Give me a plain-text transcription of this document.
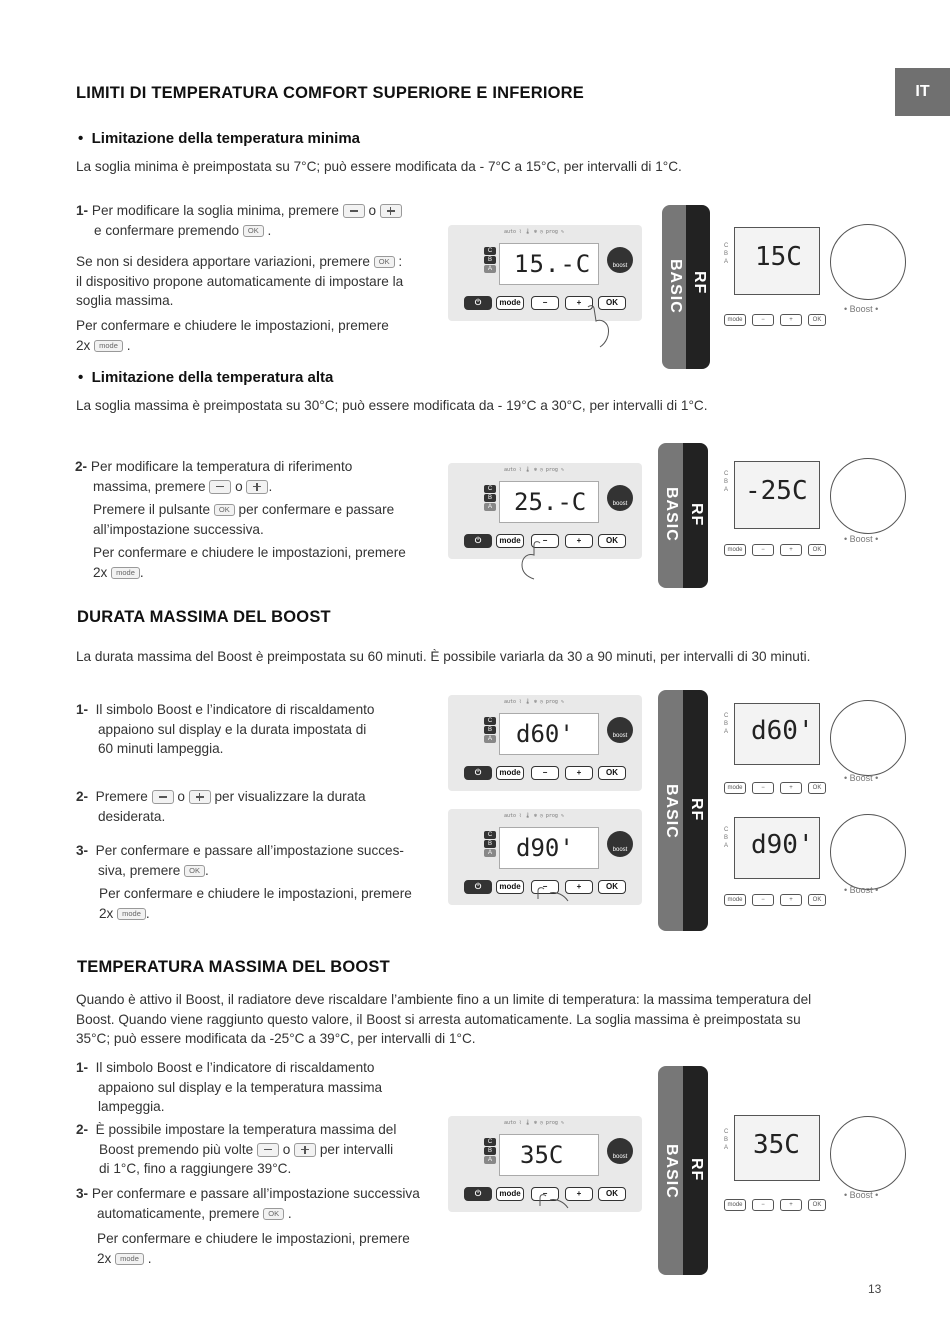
IT
LIMITI DI TEMPERATURA COMFORT SUPERIORE E INFERIORE
• Limitazione della temperatura minima
La soglia minima è preimpostata su 7°C; può essere modificata da - 7°C a 15°C, per intervalli di 1°C.
1- Per modificare la soglia minima, premere o
e confermare premendo OK .
Se non si desidera apportare variazioni, premere OK :
il dispositivo propone automaticamente di impostare la
soglia massima.
Per confermare e chiudere le impostazioni, premere
2x mode .
auto ⌇ 🌡 ❄ ◷ prog ✎
C
B
A 15.-C	boost
⏻	mode	−	+	OK	BASIC RF
15C
C
B
A
• Boost •
mode	−	+	OK
• Limitazione della temperatura alta
La soglia massima è preimpostata su 30°C; può essere modificata da - 19°C a 30°C, per intervalli di 1°C.
2- Per modificare la temperatura di riferimento
massima, premere o .
Premere il pulsante OK per confermare e passare
all’impostazione successiva.
Per confermare e chiudere le impostazioni, premere
2x mode .
auto ⌇ 🌡 ❄ ◷ prog ✎
C
B
A 25.-C	boost
⏻	mode	−	+	OK	BASIC RF
-25C
C
B
A
• Boost •
mode	−	+	OK
DURATA MASSIMA DEL BOOST
La durata massima del Boost è preimpostata su 60 minuti. È possibile variarla da 30 a 90 minuti, per intervalli di 30 minuti.
1- Il simbolo Boost e l’indicatore di riscaldamento
appaiono sul display e la durata impostata di
60 minuti lampeggia.
2- Premere o per visualizzare la durata
desiderata.
3- Per confermare e passare all’impostazione succes-
siva, premere OK .
Per confermare e chiudere le impostazioni, premere
2x mode .
auto ⌇ 🌡 ❄ ◷ prog ✎
C
B
A d60'	boost
⏻	mode	−	+	OK
auto ⌇ 🌡 ❄ ◷ prog ✎
C
B
A d90'	boost
⏻	mode	−	+	OK
BASIC RF
d60'
C
B
A
• Boost •
mode	−	+	OK
d90'
C
B
A
• Boost •
mode	−	+	OK
TEMPERATURA MASSIMA DEL BOOST
Quando è attivo il Boost, il radiatore deve riscaldare l’ambiente fino a un limite di temperatura: la massima temperatura del
Boost. Quando viene raggiunto questo valore, il Boost si arresta automaticamente. La soglia massima è preimpostata su
35°C; può essere modificata da -25°C a 39°C, per intervalli di 1°C.
1- Il simbolo Boost e l’indicatore di riscaldamento
appaiono sul display e la temperatura massima
lampeggia.
2- È possibile impostare la temperatura massima del
Boost premendo più volte o per intervalli
di 1°C, fino a raggiungere 39°C.
3- Per confermare e passare all’impostazione successiva
automaticamente, premere OK .
Per confermare e chiudere le impostazioni, premere
2x mode .
auto ⌇ 🌡 ❄ ◷ prog ✎
C
B
A 35C	boost
⏻	mode	−	+	OK	BASIC RF
35C
C
B
A
• Boost •
mode	−	+	OK
13
